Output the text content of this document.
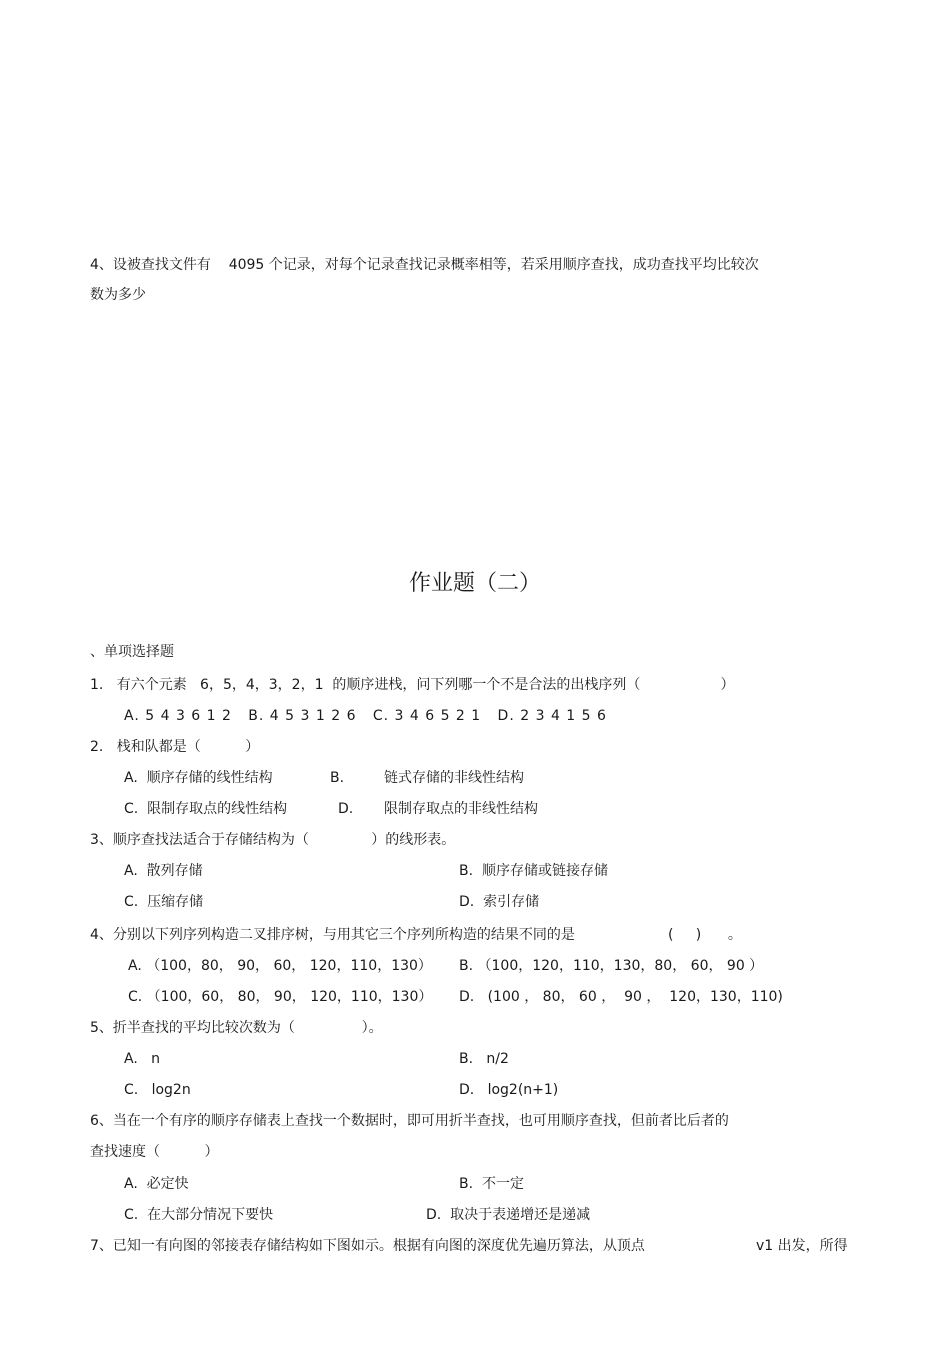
4、设被查找文件有    4095 个记录，对每个记录查找记录概率相等，若采用顺序查找，成功查找平均比较次
数为多少
作业题（二）
、单项选择题
1.   有六个元素   6，5，4，3，2，1  的顺序进栈，问下列哪一个不是合法的出栈序列（                  ）
A. 5 4 3 6 1 2   B. 4 5 3 1 2 6   C. 3 4 6 5 2 1   D. 2 3 4 1 5 6
2.   栈和队都是（          ）
A.  顺序存储的线性结构	B.	链式存储的非线性结构
C.  限制存取点的线性结构	D. 限制存取点的非线性结构
3、顺序查找法适合于存储结构为（              ）的线形表。
A.  散列存储	B.  顺序存储或链接存储
C.  压缩存储	D.  索引存储
4、分别以下列序列构造二叉排序树，与用其它三个序列所构造的结果不同的是	(     )      。
A. （100，80， 90， 60， 120，110，130） B. （100，120，110，130，80， 60， 90 ）
C. （100，60， 80， 90， 120，110，130） D.   (100 ， 80， 60 ，  90 ，  120，130，110)
5、折半查找的平均比较次数为（               ）。
A.   n	B.   n/2
C.   log2n	D.   log2(n+1)
6、当在一个有序的顺序存储表上查找一个数据时，即可用折半查找，也可用顺序查找，但前者比后者的
查找速度（          ）
A.  必定快	B.  不一定
C.  在大部分情况下要快	D.  取决于表递增还是递减
7、已知一有向图的邻接表存储结构如下图如示。根据有向图的深度优先遍历算法，从顶点	v1 出发，所得
